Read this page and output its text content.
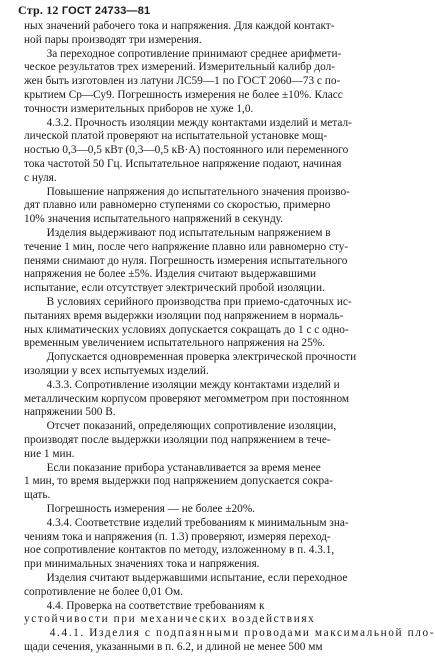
Стр. 12 ГОСТ 24733—81
ных значений рабочего тока и напряжения. Для каждой контакт-
ной пары производят три измерения.
  За переходное сопротивление принимают среднее арифмети-
ческое результатов трех измерений. Измерительный калибр дол-
жен быть изготовлен из латуни ЛС59—1 по ГОСТ 2060—73 с по-
крытием Ср—Су9. Погрешность измерения не более ±10%. Класс
точности измерительных приборов не хуже 1,0.
  4.3.2. Прочность изоляции между контактами изделий и метал-
лической платой проверяют на испытательной установке мощ-
ностью 0,3—0,5 кВт (0,3—0,5 кВ·А) постоянного или переменного
тока частотой 50 Гц. Испытательное напряжение подают, начиная
с нуля.
  Повышение напряжения до испытательного значения произво-
дят плавно или равномерно ступенями со скоростью, примерно
10% значения испытательного напряжений в секунду.
  Изделия выдерживают под испытательным напряжением в
течение 1 мин, после чего напряжение плавно или равномерно сту-
пенями снимают до нуля. Погрешность измерения испытательного
напряжения не более ±5%. Изделия считают выдержавшими
испытание, если отсутствует электрический пробой изоляции.
  В условиях серийного производства при приемо-сдаточных ис-
пытаниях время выдержки изоляции под напряжением в нормаль-
ных климатических условиях допускается сокращать до 1 с с одно-
временным увеличением испытательного напряжения на 25%.
  Допускается одновременная проверка электрической прочности
изоляции у всех испытуемых изделий.
  4.3.3. Сопротивление изоляции между контактами изделий и
металлическим корпусом проверяют мегомметром при постоянном
напряжении 500 В.
  Отсчет показаний, определяющих сопротивление изоляции,
производят после выдержки изоляции под напряжением в тече-
ние 1 мин.
  Если показание прибора устанавливается за время менее
1 мин, то время выдержки под напряжением допускается сокра-
щать.
  Погрешность измерения — не более ±20%.
  4.3.4. Соответствие изделий требованиям к минимальным зна-
чениям тока и напряжения (п. 1.3) проверяют, измеряя переход-
ное сопротивление контактов по методу, изложенному в п. 4.3.1,
при минимальных значениях тока и напряжения.
  Изделия считают выдержавшими испытание, если переходное
сопротивление не более 0,01 Ом.
  4.4. Проверка на соответствие требованиям к
устойчивости при механических воздействиях
  4.4.1. Изделия с подпаянными проводами максимальной пло-
щади сечения, указанными в п. 6.2, и длиной не менее 500 мм
